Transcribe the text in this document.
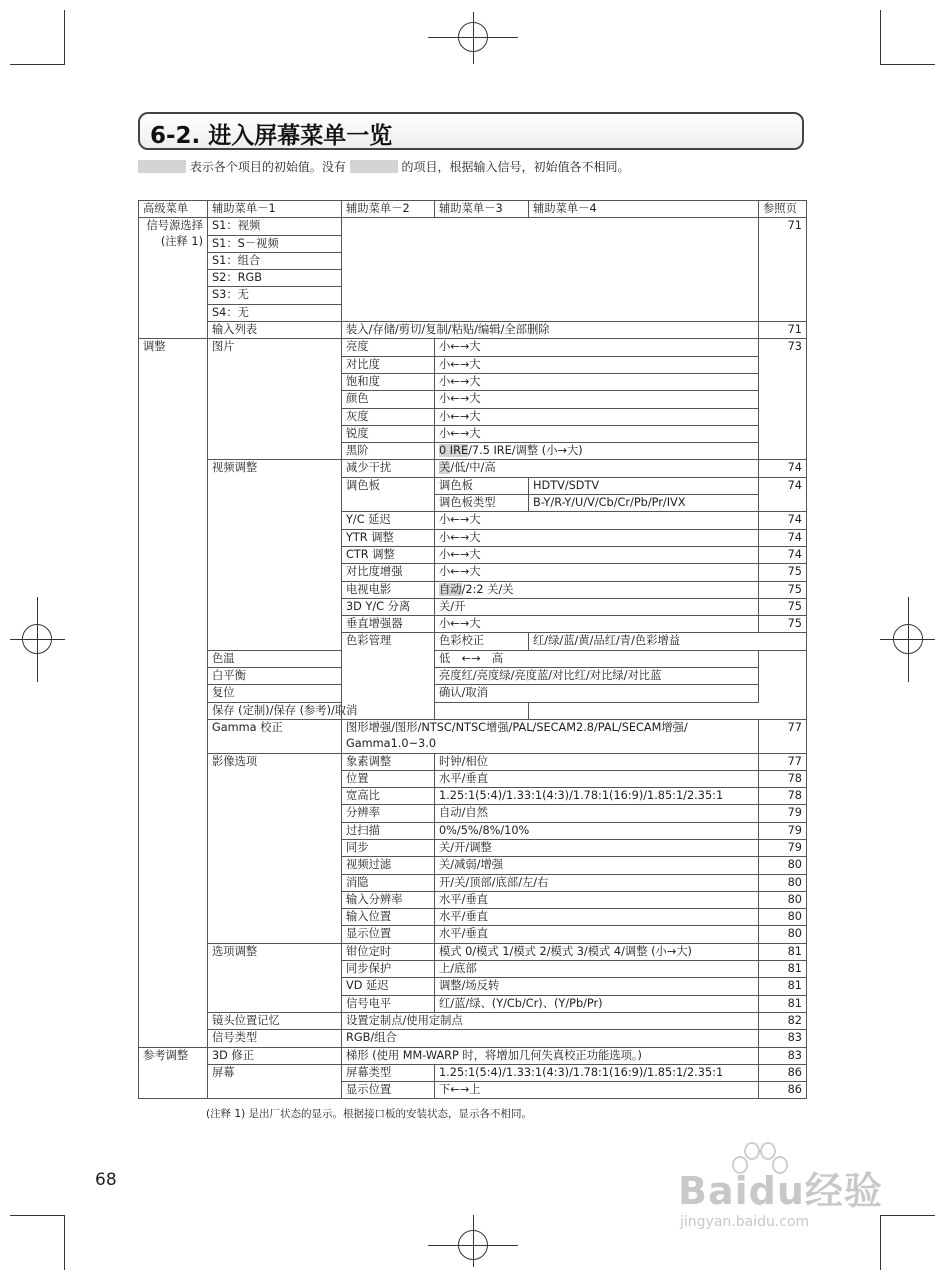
6-2. 进入屏幕菜单一览
表示各个项目的初始值。没有	的项目，根据输入信号，初始值各不相同。
高级菜单	辅助菜单－1	辅助菜单－2	辅助菜单－3	辅助菜单－4	参照页	

信号源选择
(注释 1)	S1：视频				71	
	S1：S－视频					
	S1：组合					
	S2：RGB					
	S3：无					
	S4：无					
	输入列表	装入/存储/剪切/复制/粘贴/编辑/全部删除			71	
调整	图片	亮度	小←→大		73	
		对比度	小←→大			
		饱和度	小←→大			
		颜色	小←→大			
		灰度	小←→大			
		锐度	小←→大			
		黑阶	0 IRE/7.5 IRE/调整 (小→大)			
	视频调整	减少干扰	关/低/中/高		74	
		调色板	调色板	HDTV/SDTV	74	
			调色板类型	B-Y/R-Y/U/V/Cb/Cr/Pb/Pr/IVX		
		Y/C 延迟	小←→大		74	
		YTR 调整	小←→大		74	
		CTR 调整	小←→大		74	
		对比度增强	小←→大		75	
		电视电影	自动/2:2 关/关		75	
		3D Y/C 分离	关/开		75	
		垂直增强器	小←→大		75	
		色彩管理	色彩校正	红/绿/蓝/黄/品红/青/色彩增益	
	色温		低　←→　高			
	白平衡		亮度红/亮度绿/亮度蓝/对比红/对比绿/对比蓝			
	复位		确认/取消			
	保存 (定制)/保存 (参考)/取消					
	Gamma 校正	图形增强/图形/NTSC/NTSC增强/PAL/SECAM2.8/PAL/SECAM增强/			77	
		Gamma1.0~3.0				
	影像选项	象素调整	时钟/相位		77	
		位置	水平/垂直		78	
		宽高比	1.25:1(5:4)/1.33:1(4:3)/1.78:1(16:9)/1.85:1/2.35:1		78	
		分辨率	自动/自然		79	
		过扫描	0%/5%/8%/10%		79	
		同步	关/开/调整		79	
		视频过滤	关/减弱/增强		80	
		消隐	开/关/顶部/底部/左/右		80	
		输入分辨率	水平/垂直		80	
		输入位置	水平/垂直		80	
		显示位置	水平/垂直		80	
	选项调整	钳位定时	模式 0/模式 1/模式 2/模式 3/模式 4/调整 (小→大)		81	
		同步保护	上/底部		81	
		VD 延迟	调整/场反转		81	
		信号电平	红/蓝/绿、(Y/Cb/Cr)、(Y/Pb/Pr)		81	
	镜头位置记忆	设置定制点/使用定制点			82	
	信号类型	RGB/组合			83	
参考调整	3D 修正	梯形 (使用 MM-WARP 时，将增加几何失真校正功能选项。)			83	
	屏幕	屏幕类型	1.25:1(5:4)/1.33:1(4:3)/1.78:1(16:9)/1.85:1/2.35:1		86	
		显示位置	下←→上		86	
(注释 1) 是出厂状态的显示。根据接口板的安装状态，显示各不相同。
68	Baidu经验
jingyan.baidu.com
